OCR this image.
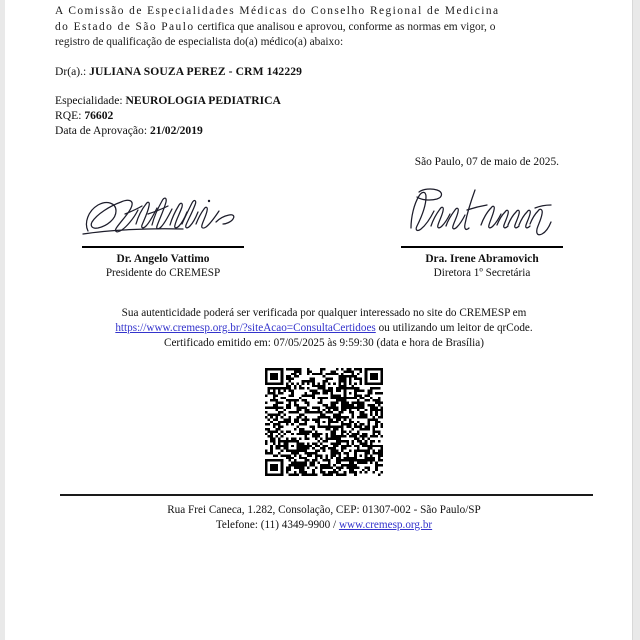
A Comissão de Especialidades Médicas do Conselho Regional de Medicina
do Estado de São Paulo certifica que analisou e aprovou, conforme as normas em vigor, o
registro de qualificação de especialista do(a) médico(a) abaixo:
Dr(a).: JULIANA SOUZA PEREZ - CRM 142229
Especialidade: NEUROLOGIA PEDIATRICA
RQE: 76602
Data de Aprovação: 21/02/2019
São Paulo, 07 de maio de 2025.
Dr. Angelo Vattimo
Presidente do CREMESP
Dra. Irene Abramovich
Diretora 1º Secretária
Sua autenticidade poderá ser verificada por qualquer interessado no site do CREMESP em
https://www.cremesp.org.br/?siteAcao=ConsultaCertidoes ou utilizando um leitor de qrCode.
Certificado emitido em: 07/05/2025 às 9:59:30 (data e hora de Brasília)
Rua Frei Caneca, 1.282, Consolação, CEP: 01307-002 - São Paulo/SP
Telefone: (11) 4349-9900 / www.cremesp.org.br
